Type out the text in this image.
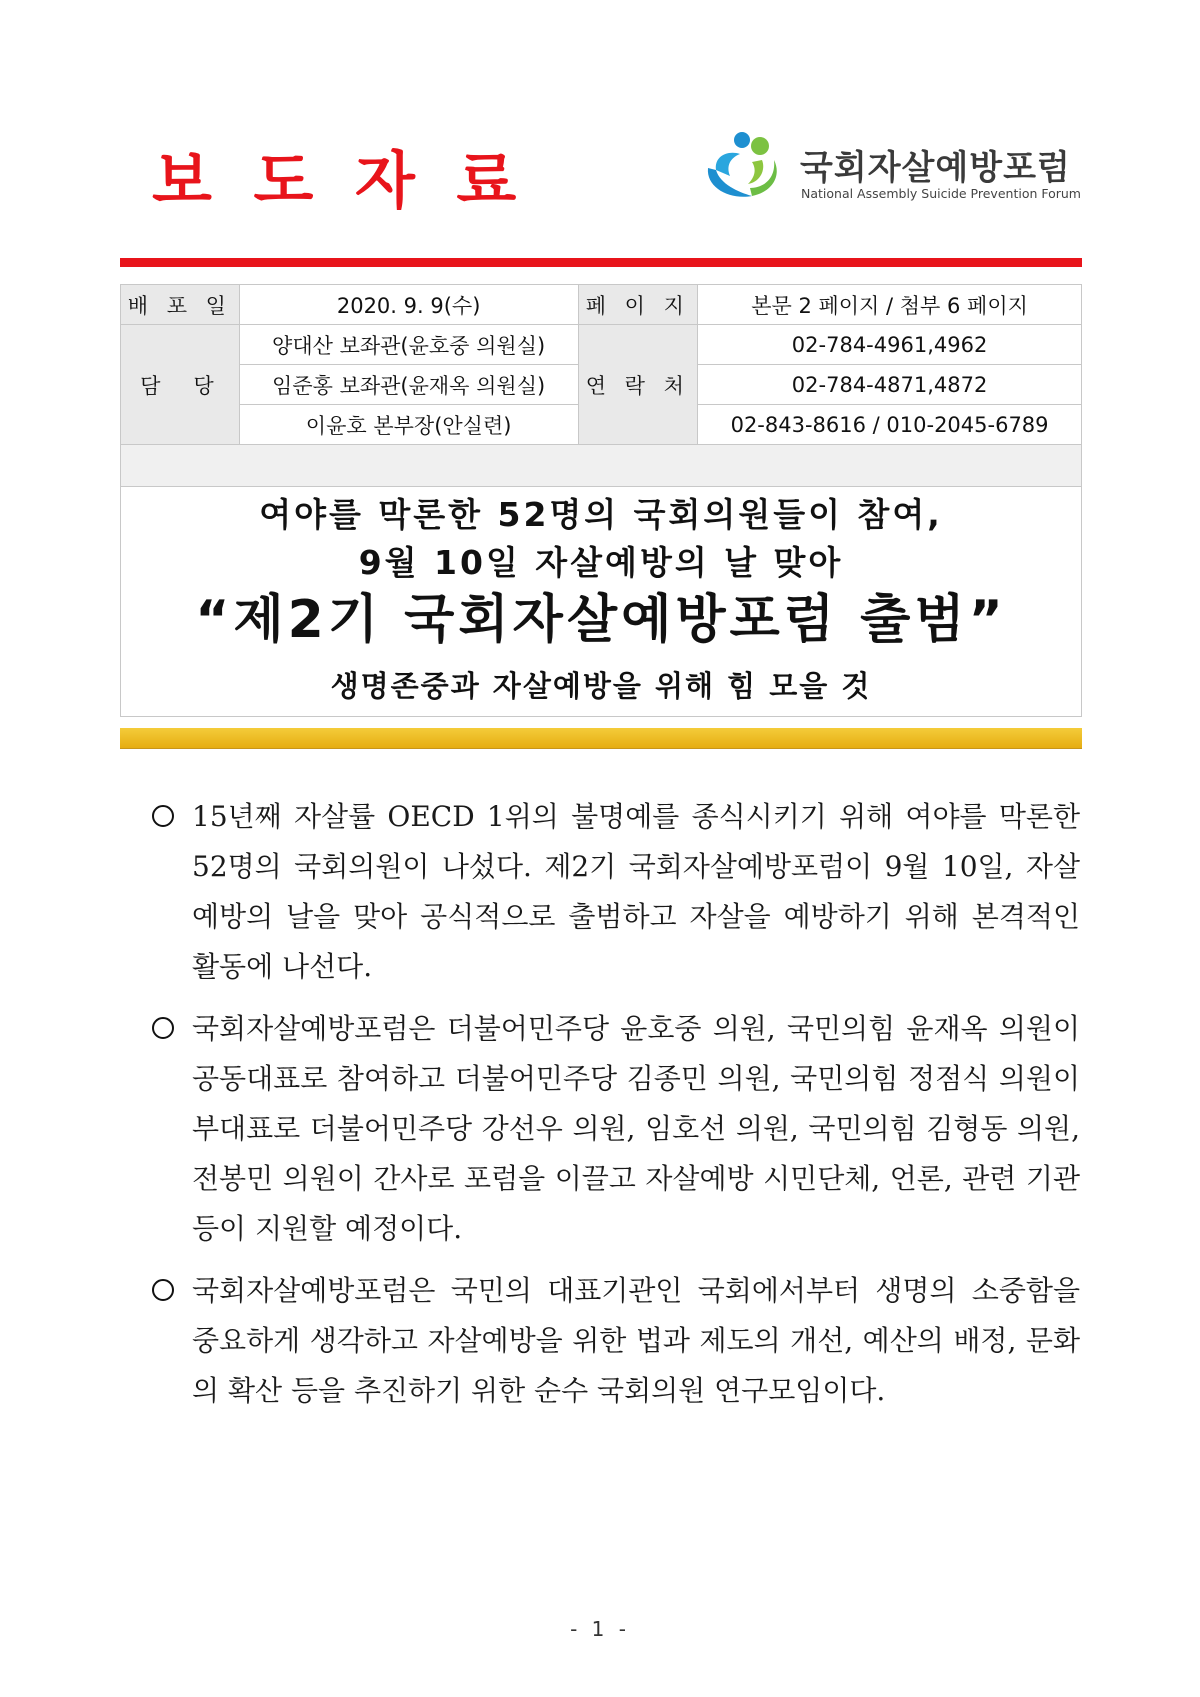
보 도 자 료	국회자살예방포럼
National Assembly Suicide Prevention Forum
배 포 일	2020. 9. 9(수)	페 이 지	본문 2 페이지 / 첨부 6 페이지
담　당	양대산 보좌관(윤호중 의원실)	연 락 처	02-784-4961,4962
	임준홍 보좌관(윤재옥 의원실)		02-784-4871,4872
	이윤호 본부장(안실련)		02-843-8616 / 010-2045-6789

여야를 막론한 52명의 국회의원들이 참여,
9월 10일 자살예방의 날 맞아
“제2기 국회자살예방포럼 출범”
생명존중과 자살예방을 위해 힘 모을 것

15년째 자살률 OECD 1위의 불명예를 종식시키기 위해 여야를 막론한 52명의 국회의원이 나섰다. 제2기 국회자살예방포럼이 9월 10일, 자살예방의 날을 맞아 공식적으로 출범하고 자살을 예방하기 위해 본격적인 활동에 나선다.

국회자살예방포럼은 더불어민주당 윤호중 의원, 국민의힘 윤재옥 의원이 공동대표로 참여하고 더불어민주당 김종민 의원, 국민의힘 정점식 의원이 부대표로 더불어민주당 강선우 의원, 임호선 의원, 국민의힘 김형동 의원, 전봉민 의원이 간사로 포럼을 이끌고 자살예방 시민단체, 언론, 관련 기관 등이 지원할 예정이다.

국회자살예방포럼은 국민의 대표기관인 국회에서부터 생명의 소중함을 중요하게 생각하고 자살예방을 위한 법과 제도의 개선, 예산의 배정, 문화의 확산 등을 추진하기 위한 순수 국회의원 연구모임이다.

- 1 -
